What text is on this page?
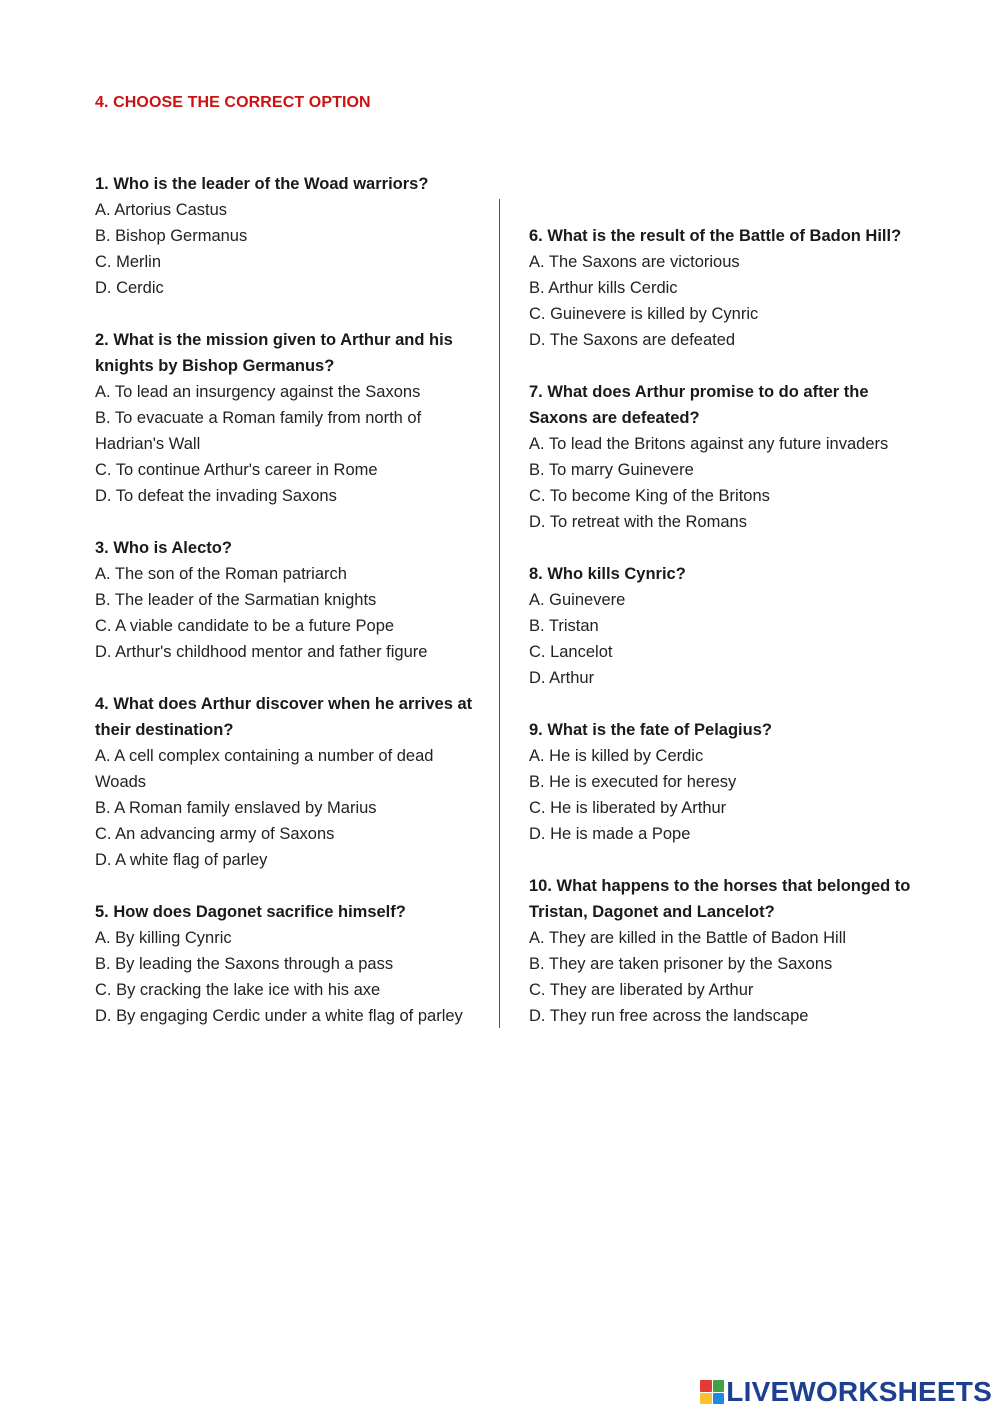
4. CHOOSE THE CORRECT OPTION

1. Who is the leader of the Woad warriors?

A. Artorius Castus
B. Bishop Germanus
C. Merlin
D. Cerdic

2. What is the mission given to Arthur and his knights by Bishop Germanus?

A. To lead an insurgency against the Saxons
B. To evacuate a Roman family from north of Hadrian's Wall
C. To continue Arthur's career in Rome
D. To defeat the invading Saxons

3. Who is Alecto?

A. The son of the Roman patriarch
B. The leader of the Sarmatian knights
C. A viable candidate to be a future Pope
D. Arthur's childhood mentor and father figure

4. What does Arthur discover when he arrives at their destination?

A. A cell complex containing a number of dead Woads
B. A Roman family enslaved by Marius
C. An advancing army of Saxons
D. A white flag of parley

5. How does Dagonet sacrifice himself?

A. By killing Cynric
B. By leading the Saxons through a pass
C. By cracking the lake ice with his axe
D. By engaging Cerdic under a white flag of parley

6. What is the result of the Battle of Badon Hill?

A. The Saxons are victorious
B. Arthur kills Cerdic
C. Guinevere is killed by Cynric
D. The Saxons are defeated

7. What does Arthur promise to do after the Saxons are defeated?

A. To lead the Britons against any future invaders
B. To marry Guinevere
C. To become King of the Britons
D. To retreat with the Romans

8. Who kills Cynric?

A. Guinevere
B. Tristan
C. Lancelot
D. Arthur

9. What is the fate of Pelagius?

A. He is killed by Cerdic
B. He is executed for heresy
C. He is liberated by Arthur
D. He is made a Pope

10. What happens to the horses that belonged to Tristan, Dagonet and Lancelot?

A. They are killed in the Battle of Badon Hill
B. They are taken prisoner by the Saxons
C. They are liberated by Arthur
D. They run free across the landscape
LIVEWORKSHEETS
